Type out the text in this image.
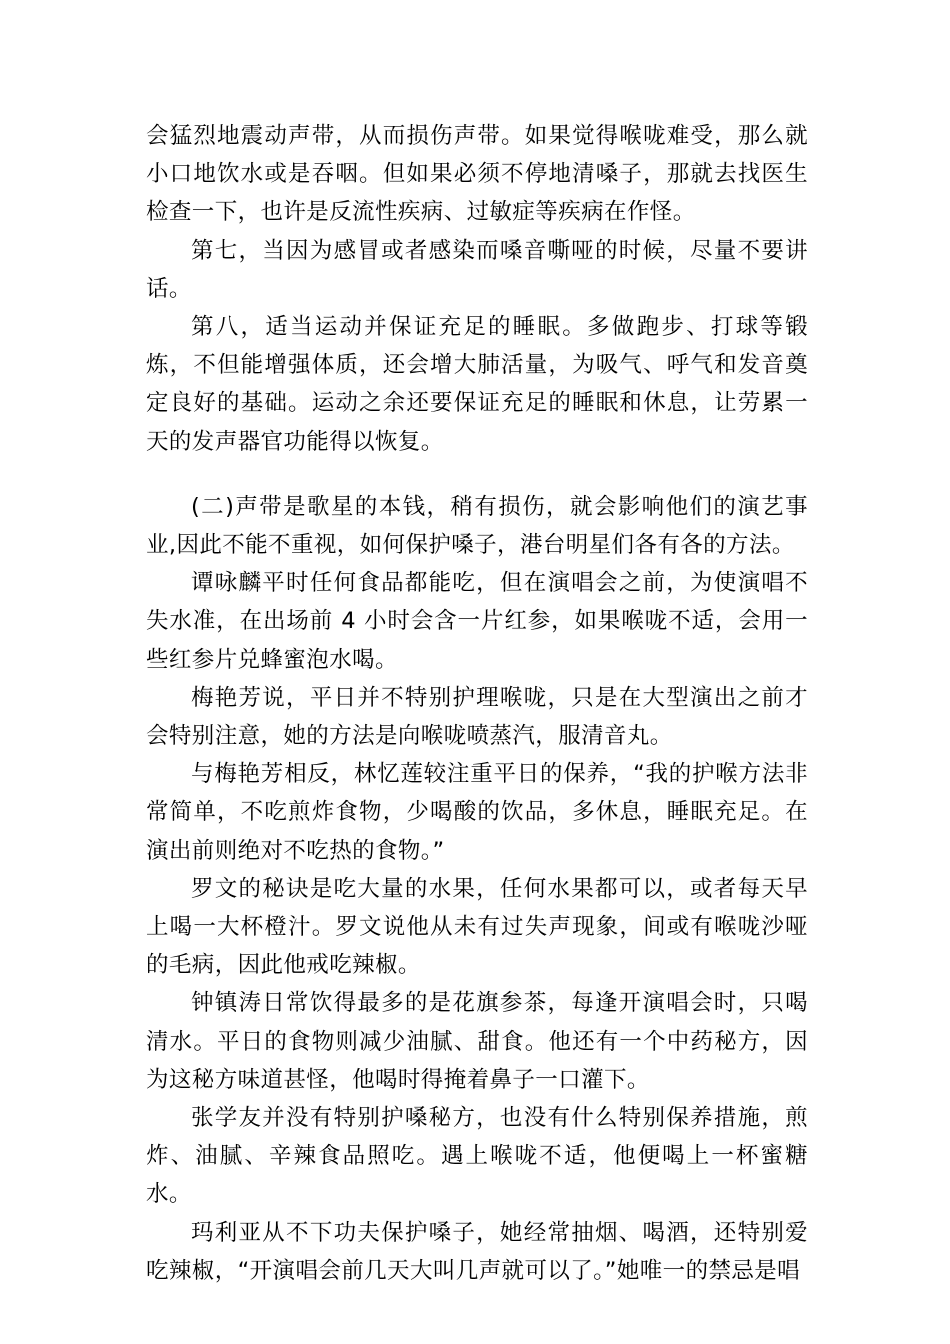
会猛烈地震动声带，从而损伤声带。如果觉得喉咙难受，那么就小口地饮水或是吞咽。但如果必须不停地清嗓子，那就去找医生检查一下，也许是反流性疾病、过敏症等疾病在作怪。

第七，当因为感冒或者感染而嗓音嘶哑的时候，尽量不要讲话。

第八，适当运动并保证充足的睡眠。多做跑步、打球等锻炼，不但能增强体质，还会增大肺活量，为吸气、呼气和发音奠定良好的基础。运动之余还要保证充足的睡眠和休息，让劳累一天的发声器官功能得以恢复。

(二)声带是歌星的本钱，稍有损伤，就会影响他们的演艺事业,因此不能不重视，如何保护嗓子，港台明星们各有各的方法。

谭咏麟平时任何食品都能吃，但在演唱会之前，为使演唱不失水准，在出场前 4 小时会含一片红参，如果喉咙不适，会用一些红参片兑蜂蜜泡水喝。

梅艳芳说，平日并不特别护理喉咙，只是在大型演出之前才会特别注意，她的方法是向喉咙喷蒸汽，服清音丸。

与梅艳芳相反，林忆莲较注重平日的保养，“我的护喉方法非常简单，不吃煎炸食物，少喝酸的饮品，多休息，睡眠充足。在演出前则绝对不吃热的食物。”

罗文的秘诀是吃大量的水果，任何水果都可以，或者每天早上喝一大杯橙汁。罗文说他从未有过失声现象，间或有喉咙沙哑的毛病，因此他戒吃辣椒。

钟镇涛日常饮得最多的是花旗参茶，每逢开演唱会时，只喝清水。平日的食物则减少油腻、甜食。他还有一个中药秘方，因为这秘方味道甚怪，他喝时得掩着鼻子一口灌下。

张学友并没有特别护嗓秘方，也没有什么特别保养措施，煎炸、油腻、辛辣食品照吃。遇上喉咙不适，他便喝上一杯蜜糖水。

玛利亚从不下功夫保护嗓子，她经常抽烟、喝酒，还特别爱吃辣椒，“开演唱会前几天大叫几声就可以了。”她唯一的禁忌是唱
